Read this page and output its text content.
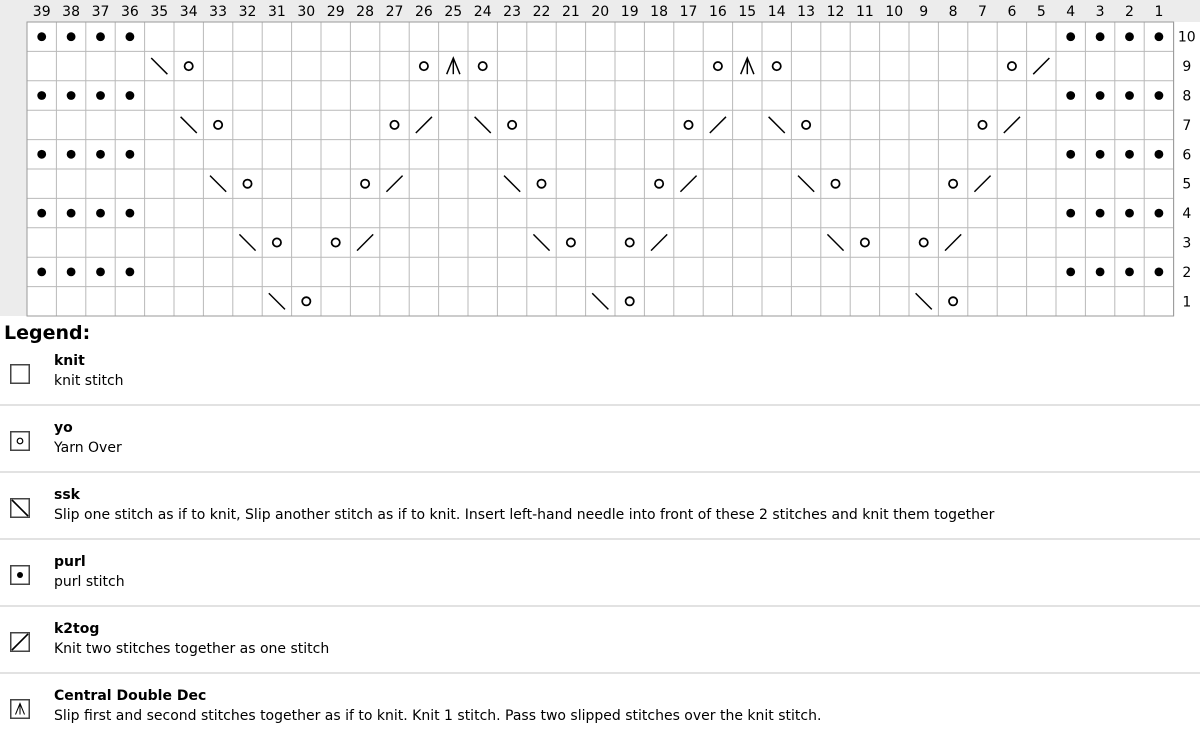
39 38 37 36 35 34 33 32 31 30 29 28 27 26 25 24 23 22 21 20 19 18 17 16 15 14 13 12 11 10 9 8 7 6 5 4 3 2 1
10
9
8
7
6
5
4
3
2
1
Legend:
knit
knit stitch
yo
Yarn Over
ssk
Slip one stitch as if to knit, Slip another stitch as if to knit. Insert left-hand needle into front of these 2 stitches and knit them together
purl
purl stitch
k2tog
Knit two stitches together as one stitch
Central Double Dec
Slip first and second stitches together as if to knit. Knit 1 stitch. Pass two slipped stitches over the knit stitch.
